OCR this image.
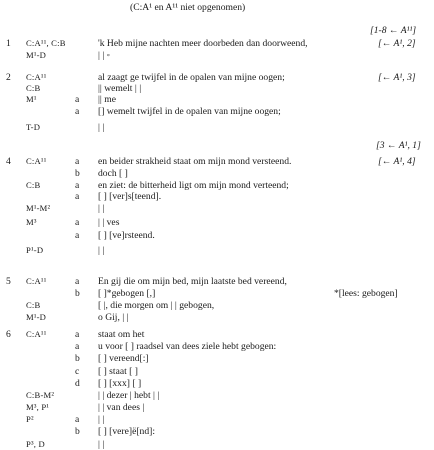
(C:A¹ en A¹¹ niet opgenomen)
[1-8 ← A¹¹]
1 C:A¹¹, C:B	'k Heb mijne nachten meer doorbeden dan doorweend,	[← A¹, 2]
M¹-D	| | ◦
2 C:A¹¹	al zaagt ge twijfel in de opalen van mijne oogen;	[← A¹, 3]
C:B	|| wemelt | |
M¹	a || me
a [] wemelt twijfel in de opalen van mijne oogen;
T-D	| |
4 C:A¹¹	a en beider strakheid staat om mijn mond versteend.	[← A¹, 4]
b doch [ ]
C:B	a en ziet: de bitterheid ligt om mijn mond verteend;
a [ ] [ver]s[teend].
M¹-M²	| |
M³	a | | ves
a [ ] [ve]rsteend.
P¹-D	| |
5 C:A¹¹	a En gij die om mijn bed, mijn laatste bed vereend,
b [ ]*gebogen [,]	*[lees: gebogen]
C:B	[ |, die morgen om | | gebogen,
M¹-D	o Gij, | |
6 C:A¹¹	a staat om het
a u voor [ ] raadsel van dees ziele hebt gebogen:
b [ ] vereend[:]
c [ ] staat [ ]
d [ ] [xxx] [ ]
C:B-M²	| | dezer | hebt | |
M³, P¹	| | van dees |
P²	a | |
b [ ] [vere]ë[nd]:
P³, D	| |
[3 ← A¹, 1]
